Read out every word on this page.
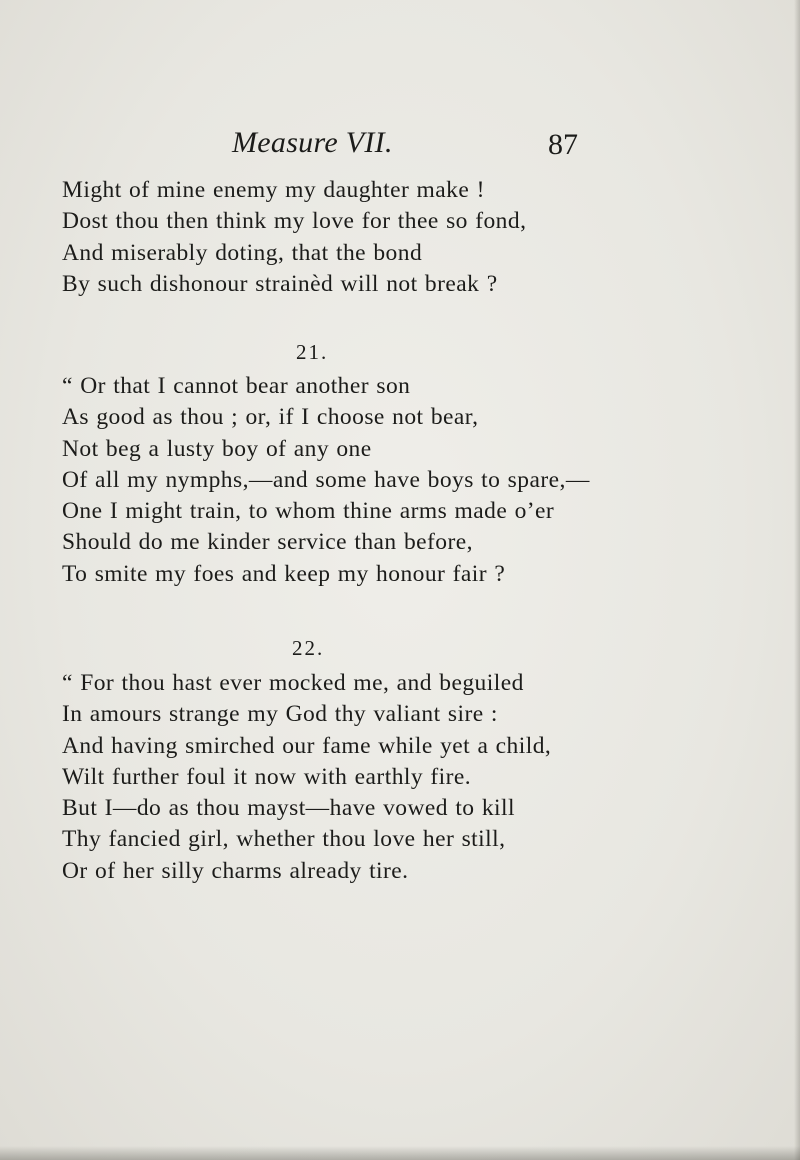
Measure VII.	87
Might of mine enemy my daughter make !
Dost thou then think my love for thee so fond,
And miserably doting, that the bond
By such dishonour strainèd will not break ?
21.
“ Or that I cannot bear another son
As good as thou ; or, if I choose not bear,
Not beg a lusty boy of any one
Of all my nymphs,—and some have boys to spare,—
One I might train, to whom thine arms made o’er
Should do me kinder service than before,
To smite my foes and keep my honour fair ?
22.
“ For thou hast ever mocked me, and beguiled
In amours strange my God thy valiant sire :
And having smirched our fame while yet a child,
Wilt further foul it now with earthly fire.
But I—do as thou mayst—have vowed to kill
Thy fancied girl, whether thou love her still,
Or of her silly charms already tire.
